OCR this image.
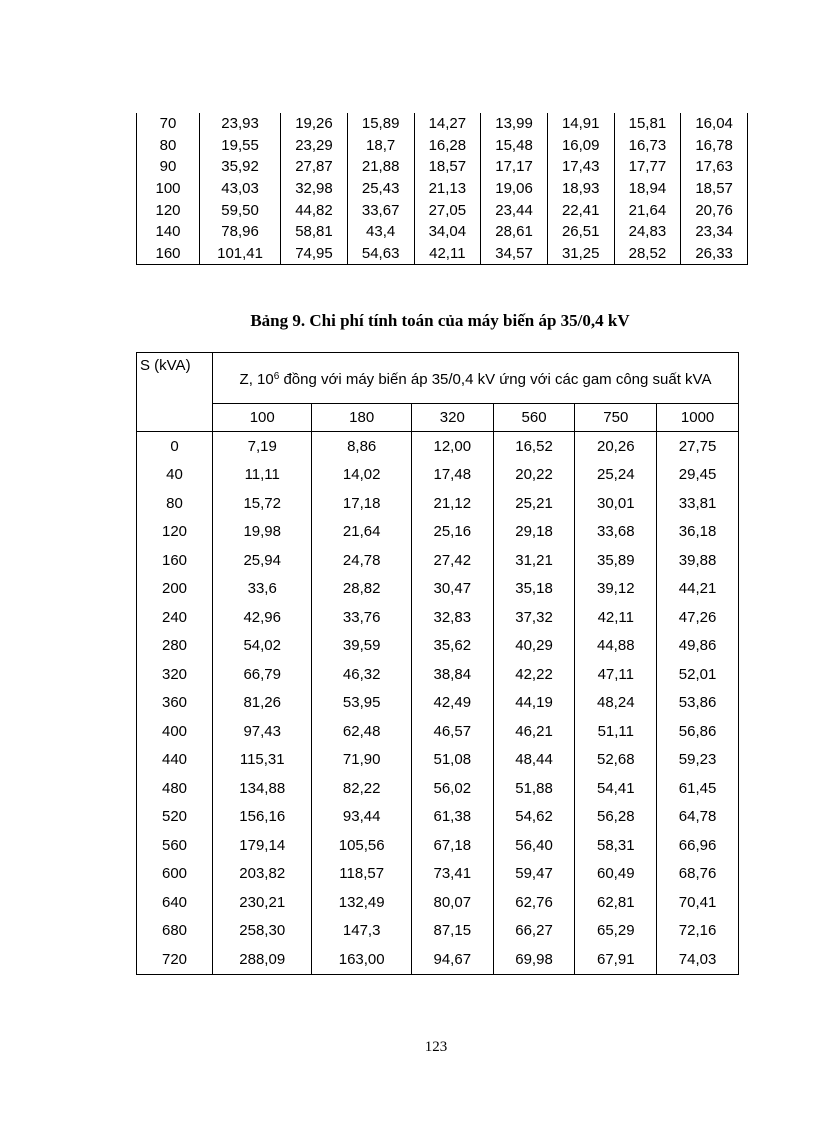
70	23,93	19,26	15,89	14,27	13,99	14,91	15,81	16,04
80	19,55	23,29	18,7	16,28	15,48	16,09	16,73	16,78
90	35,92	27,87	21,88	18,57	17,17	17,43	17,77	17,63
100	43,03	32,98	25,43	21,13	19,06	18,93	18,94	18,57
120	59,50	44,82	33,67	27,05	23,44	22,41	21,64	20,76
140	78,96	58,81	43,4	34,04	28,61	26,51	24,83	23,34
160	101,41	74,95	54,63	42,11	34,57	31,25	28,52	26,33
Bảng 9. Chi phí tính toán của máy biến áp 35/0,4 kV
S (kVA)	Z, $10^6$ đồng với máy biến áp 35/0,4 kV ứng với các gam công suất kVA					
	100	180	320	560	750	1000
0	7,19	8,86	12,00	16,52	20,26	27,75
40	11,11	14,02	17,48	20,22	25,24	29,45
80	15,72	17,18	21,12	25,21	30,01	33,81
120	19,98	21,64	25,16	29,18	33,68	36,18
160	25,94	24,78	27,42	31,21	35,89	39,88
200	33,6	28,82	30,47	35,18	39,12	44,21
240	42,96	33,76	32,83	37,32	42,11	47,26
280	54,02	39,59	35,62	40,29	44,88	49,86
320	66,79	46,32	38,84	42,22	47,11	52,01
360	81,26	53,95	42,49	44,19	48,24	53,86
400	97,43	62,48	46,57	46,21	51,11	56,86
440	115,31	71,90	51,08	48,44	52,68	59,23
480	134,88	82,22	56,02	51,88	54,41	61,45
520	156,16	93,44	61,38	54,62	56,28	64,78
560	179,14	105,56	67,18	56,40	58,31	66,96
600	203,82	118,57	73,41	59,47	60,49	68,76
640	230,21	132,49	80,07	62,76	62,81	70,41
680	258,30	147,3	87,15	66,27	65,29	72,16
720	288,09	163,00	94,67	69,98	67,91	74,03
123
